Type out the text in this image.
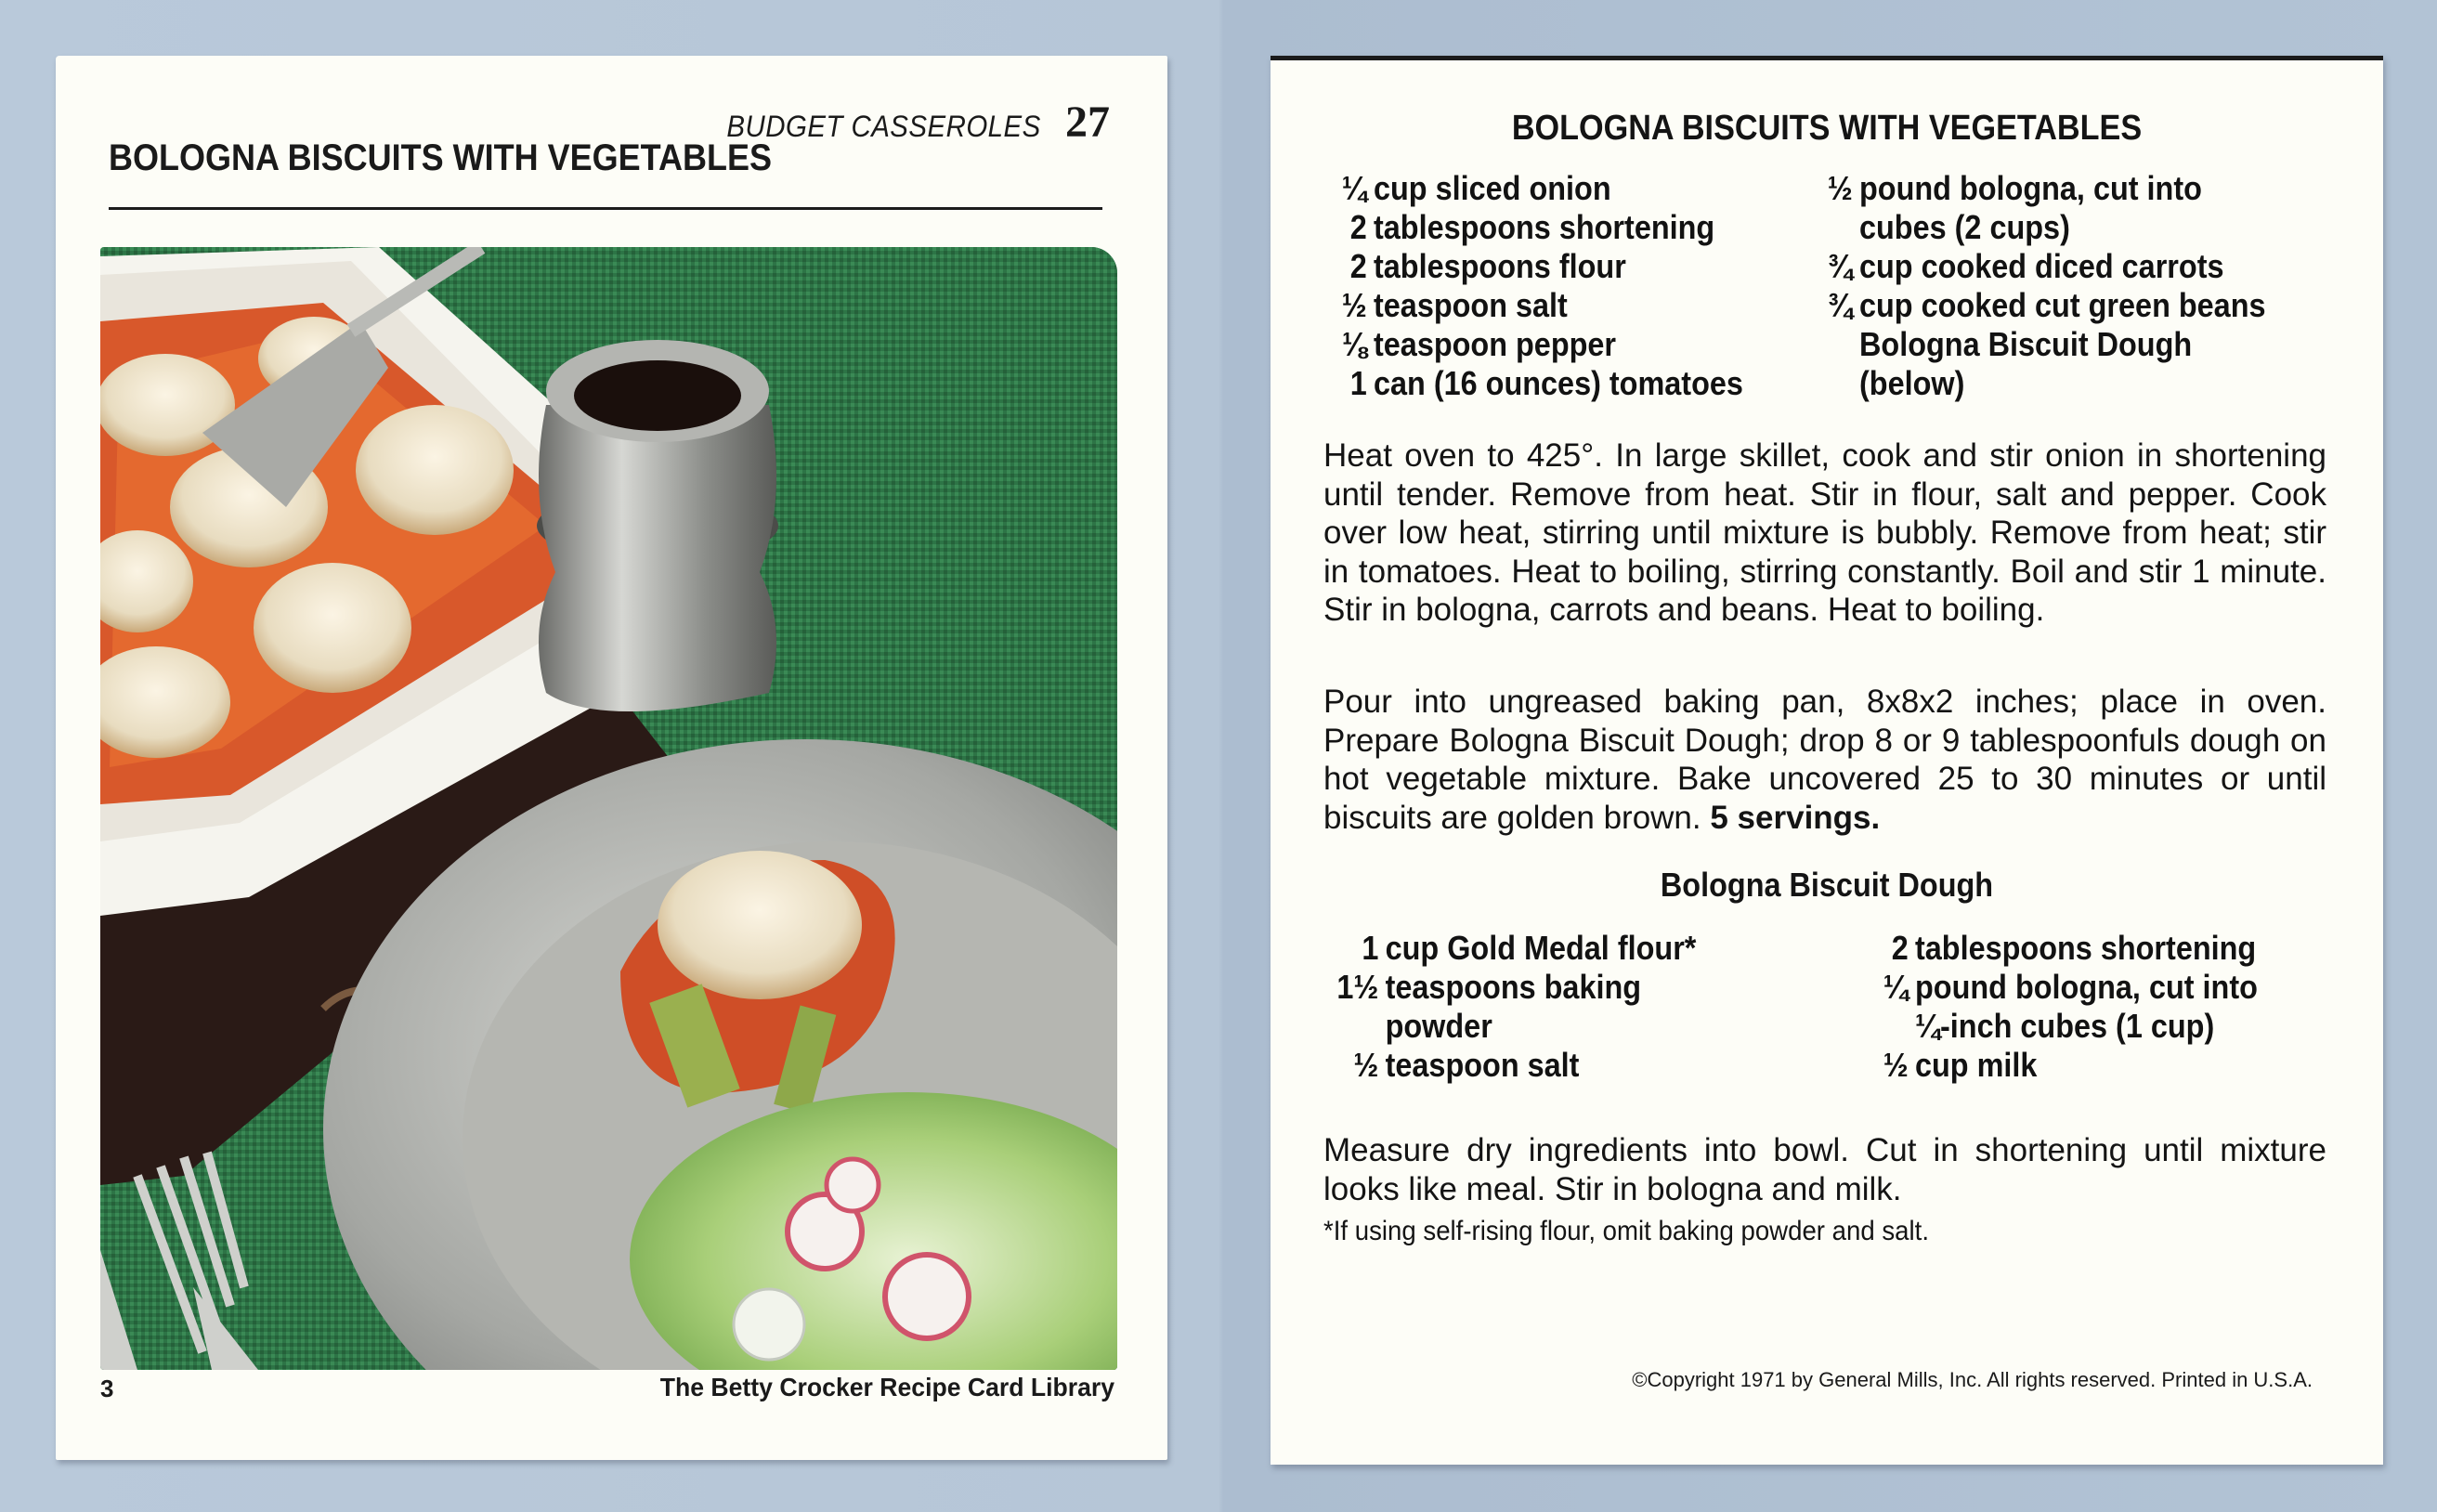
BUDGET CASSEROLES 27
BOLOGNA BISCUITS WITH VEGETABLES
3	The Betty Crocker Recipe Card Library
BOLOGNA BISCUITS WITH VEGETABLES
¼ cup sliced onion
2 tablespoons shortening
2 tablespoons flour
½ teaspoon salt
⅛ teaspoon pepper
1 can (16 ounces) tomatoes
½ pound bologna, cut into
cubes (2 cups)
¾ cup cooked diced carrots
¾ cup cooked cut green beans
Bologna Biscuit Dough
(below)
Heat oven to 425°. In large skillet, cook and stir onion in shortening until tender. Remove from heat. Stir in flour, salt and pepper. Cook over low heat, stirring until mixture is bubbly. Remove from heat; stir in tomatoes. Heat to boiling, stirring constantly. Boil and stir 1 minute. Stir in bologna, carrots and beans. Heat to boiling.
Pour into ungreased baking pan, 8x8x2 inches; place in oven. Prepare Bologna Biscuit Dough; drop 8 or 9 tablespoonfuls dough on hot vegetable mixture. Bake uncovered 25 to 30 minutes or until biscuits are golden brown. 5 servings.
Bologna Biscuit Dough
1 cup Gold Medal flour*
1½ teaspoons baking
powder
½ teaspoon salt
2 tablespoons shortening
¼ pound bologna, cut into
¼-inch cubes (1 cup)
½ cup milk
Measure dry ingredients into bowl. Cut in shortening until mixture looks like meal. Stir in bologna and milk.
*If using self-rising flour, omit baking powder and salt.
©Copyright 1971 by General Mills, Inc. All rights reserved. Printed in U.S.A.
